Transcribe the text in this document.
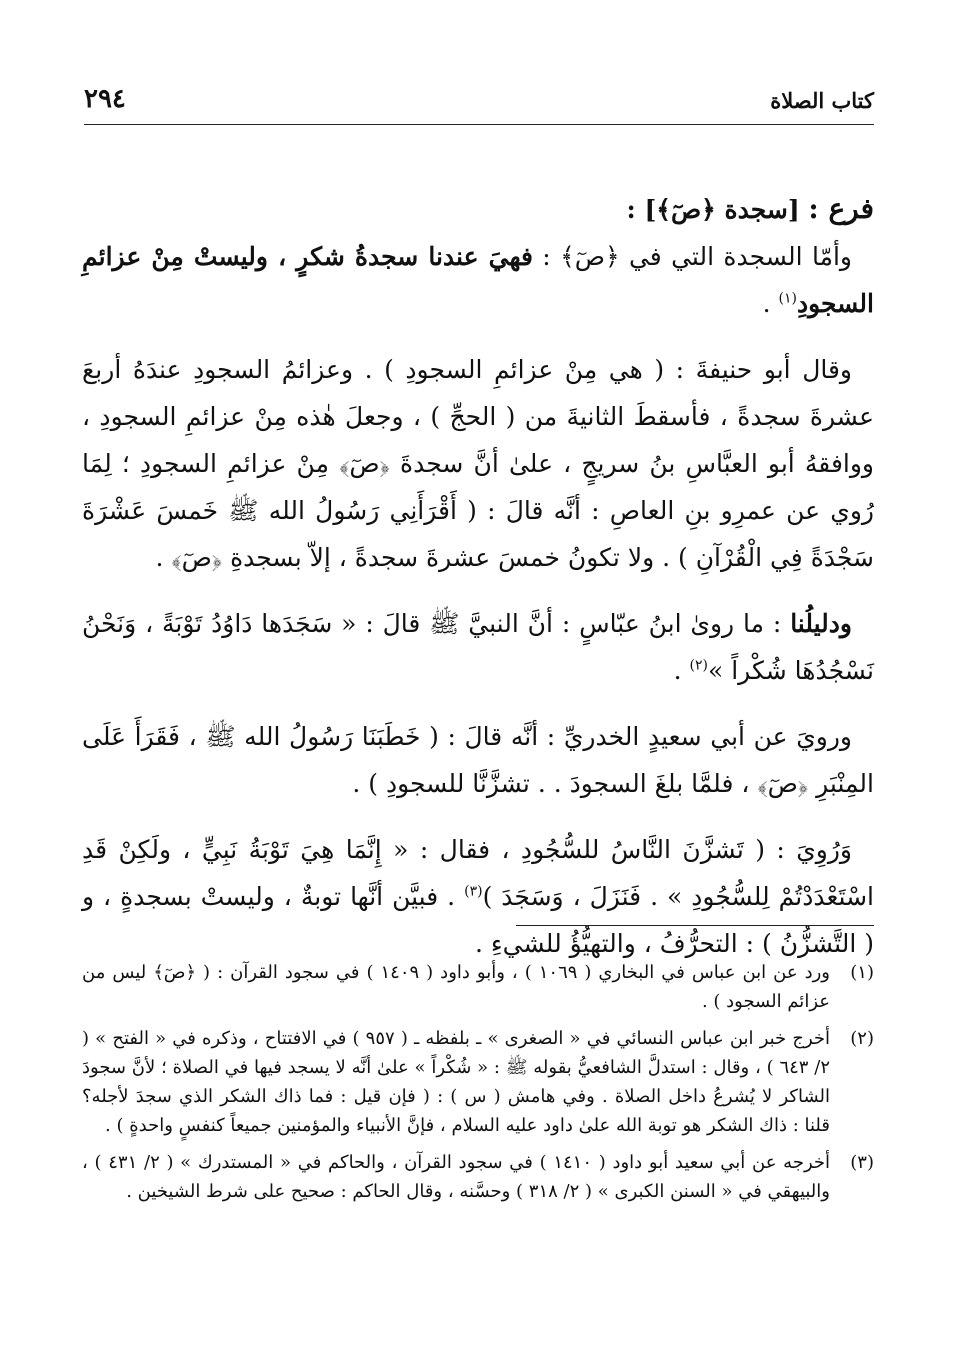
كتاب الصلاة
٢٩٤

فرع : [سجدة ﴿صٓ﴾] :

وأمّا السجدة التي في ﴿صٓ﴾ : فهيَ عندنا سجدةُ شكرٍ ، وليستْ مِنْ عزائمِ السجودِ$^{(١)}$ .

وقال أبو حنيفةَ : ( هي مِنْ عزائمِ السجودِ ) . وعزائمُ السجودِ عندَهُ أربعَ عشرةَ سجدةً ، فأسقطَ الثانيةَ من ( الحجِّ ) ، وجعلَ هٰذه مِنْ عزائمِ السجودِ ، ووافقهُ أبو العبَّاسِ بنُ سريجٍ ، علىٰ أنَّ سجدةَ ﴿صٓ﴾ مِنْ عزائمِ السجودِ ؛ لِمَا رُوي عن عمرِو بنِ العاصِ : أنَّه قالَ : ( أَقْرَأَنِي رَسُولُ الله ﷺ خَمسَ عَشْرَةَ سَجْدَةً فِي الْقُرْآنِ ) . ولا تكونُ خمسَ عشرةَ سجدةً ، إلاّ بسجدةِ ﴿صٓ﴾ .

ودليلُنا : ما روىٰ ابنُ عبّاسٍ : أنَّ النبيَّ ﷺ قالَ : « سَجَدَها دَاوُدُ تَوْبَةً ، وَنَحْنُ نَسْجُدُهَا شُكْراً »$^{(٢)}$ .

ورويَ عن أبي سعيدٍ الخدريِّ : أنَّه قالَ : ( خَطَبَنَا رَسُولُ الله ﷺ ، فَقَرَأَ عَلَى المِنْبَرِ ﴿صٓ﴾ ، فلمَّا بلغَ السجودَ . . تشزَّنَّا للسجودِ ) .

وَرُوِيَ : ( تَشزَّنَ النَّاسُ للسُّجُودِ ، فقال : « إِنَّمَا هِيَ تَوْبَةُ نَبِيٍّ ، ولَكِنْ قَدِ اسْتَعْدَدْتُمْ لِلسُّجُودِ » . فَنَزَلَ ، وَسَجَدَ )$^{(٣)}$ . فبيَّن أنَّها توبةٌ ، وليستْ بسجدةٍ ، و ( التَّشزُّنُ ) : التحرُّفُ ، والتهيُّؤُ للشيءِ .

(١)
ورد عن ابن عباس في البخاري ( ١٠٦٩ ) ، وأبو داود ( ١٤٠٩ ) في سجود القرآن : ( ﴿صٓ﴾ ليس من عزائم السجود ) .
(٢)
أخرج خبر ابن عباس النسائي في « الصغرى » ـ بلفظه ـ ( ٩٥٧ ) في الافتتاح ، وذكره في « الفتح » ( ٢/ ٦٤٣ ) ، وقال : استدلَّ الشافعيُّ بقوله ﷺ : « شُكْراً » علىٰ أنَّه لا يسجد فيها في الصلاة ؛ لأنَّ سجودَ الشاكر لا يُشرعُ داخل الصلاة . وفي هامش ( س ) : ( فإن قيل : فما ذاك الشكر الذي سجدَ لأجله؟ قلنا : ذاك الشكر هو توبة الله علىٰ داود عليه السلام ، فإنَّ الأنبياء والمؤمنين جميعاً كنفسٍ واحدةٍ ) .
(٣)
أخرجه عن أبي سعيد أبو داود ( ١٤١٠ ) في سجود القرآن ، والحاكم في « المستدرك » ( ٢/ ٤٣١ ) ، والبيهقي في « السنن الكبرى » ( ٢/ ٣١٨ ) وحسَّنه ، وقال الحاكم : صحيح على شرط الشيخين .
